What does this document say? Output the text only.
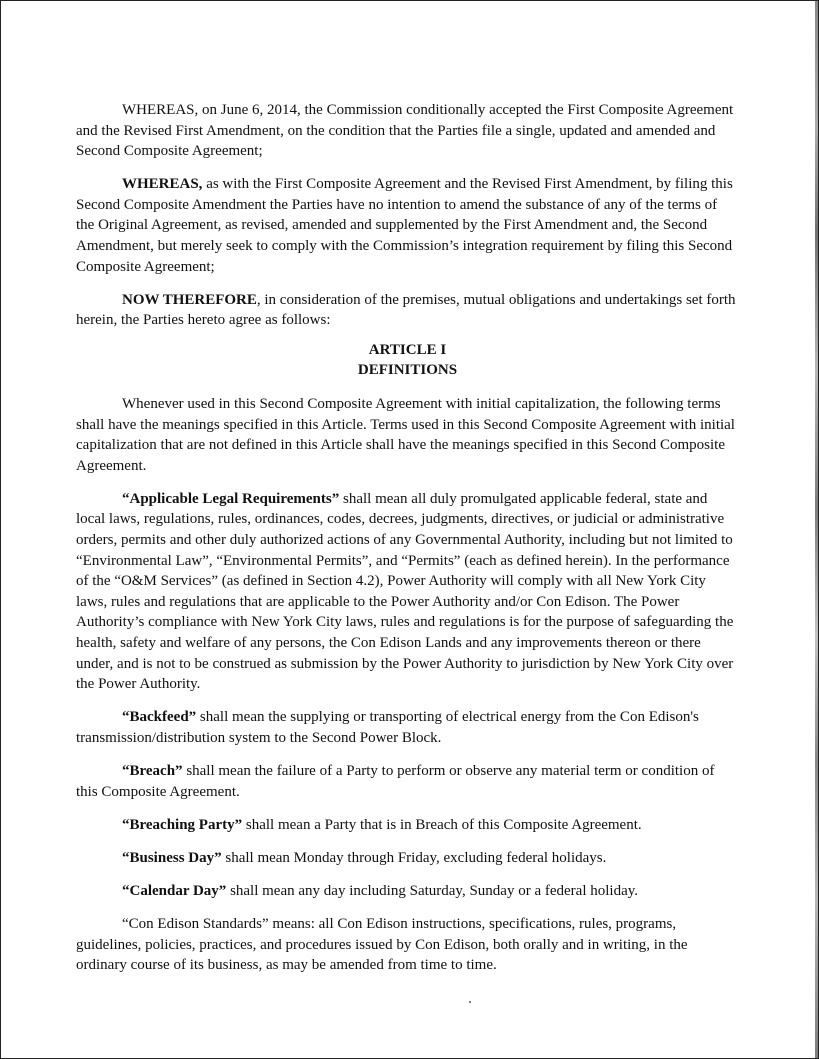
WHEREAS, on June 6, 2014, the Commission conditionally accepted the First Composite Agreement and the Revised First Amendment, on the condition that the Parties file a single, updated and amended and Second Composite Agreement;

WHEREAS, as with the First Composite Agreement and the Revised First Amendment, by filing this Second Composite Amendment the Parties have no intention to amend the substance of any of the terms of the Original Agreement, as revised, amended and supplemented by the First Amendment and, the Second Amendment, but merely seek to comply with the Commission’s integration requirement by filing this Second Composite Agreement;

NOW THEREFORE, in consideration of the premises, mutual obligations and undertakings set forth herein, the Parties hereto agree as follows:

ARTICLE I
DEFINITIONS

Whenever used in this Second Composite Agreement with initial capitalization, the following terms shall have the meanings specified in this Article. Terms used in this Second Composite Agreement with initial capitalization that are not defined in this Article shall have the meanings specified in this Second Composite Agreement.

“Applicable Legal Requirements” shall mean all duly promulgated applicable federal, state and local laws, regulations, rules, ordinances, codes, decrees, judgments, directives, or judicial or administrative orders, permits and other duly authorized actions of any Governmental Authority, including but not limited to “Environmental Law”, “Environmental Permits”, and “Permits” (each as defined herein). In the performance of the “O&M Services” (as defined in Section 4.2), Power Authority will comply with all New York City laws, rules and regulations that are applicable to the Power Authority and/or Con Edison. The Power Authority’s compliance with New York City laws, rules and regulations is for the purpose of safeguarding the health, safety and welfare of any persons, the Con Edison Lands and any improvements thereon or there under, and is not to be construed as submission by the Power Authority to jurisdiction by New York City over the Power Authority.

“Backfeed” shall mean the supplying or transporting of electrical energy from the Con Edison's transmission/distribution system to the Second Power Block.

“Breach” shall mean the failure of a Party to perform or observe any material term or condition of this Composite Agreement.

“Breaching Party” shall mean a Party that is in Breach of this Composite Agreement.

“Business Day” shall mean Monday through Friday, excluding federal holidays.

“Calendar Day” shall mean any day including Saturday, Sunday or a federal holiday.

“Con Edison Standards” means: all Con Edison instructions, specifications, rules, programs, guidelines, policies, practices, and procedures issued by Con Edison, both orally and in writing, in the ordinary course of its business, as may be amended from time to time.
